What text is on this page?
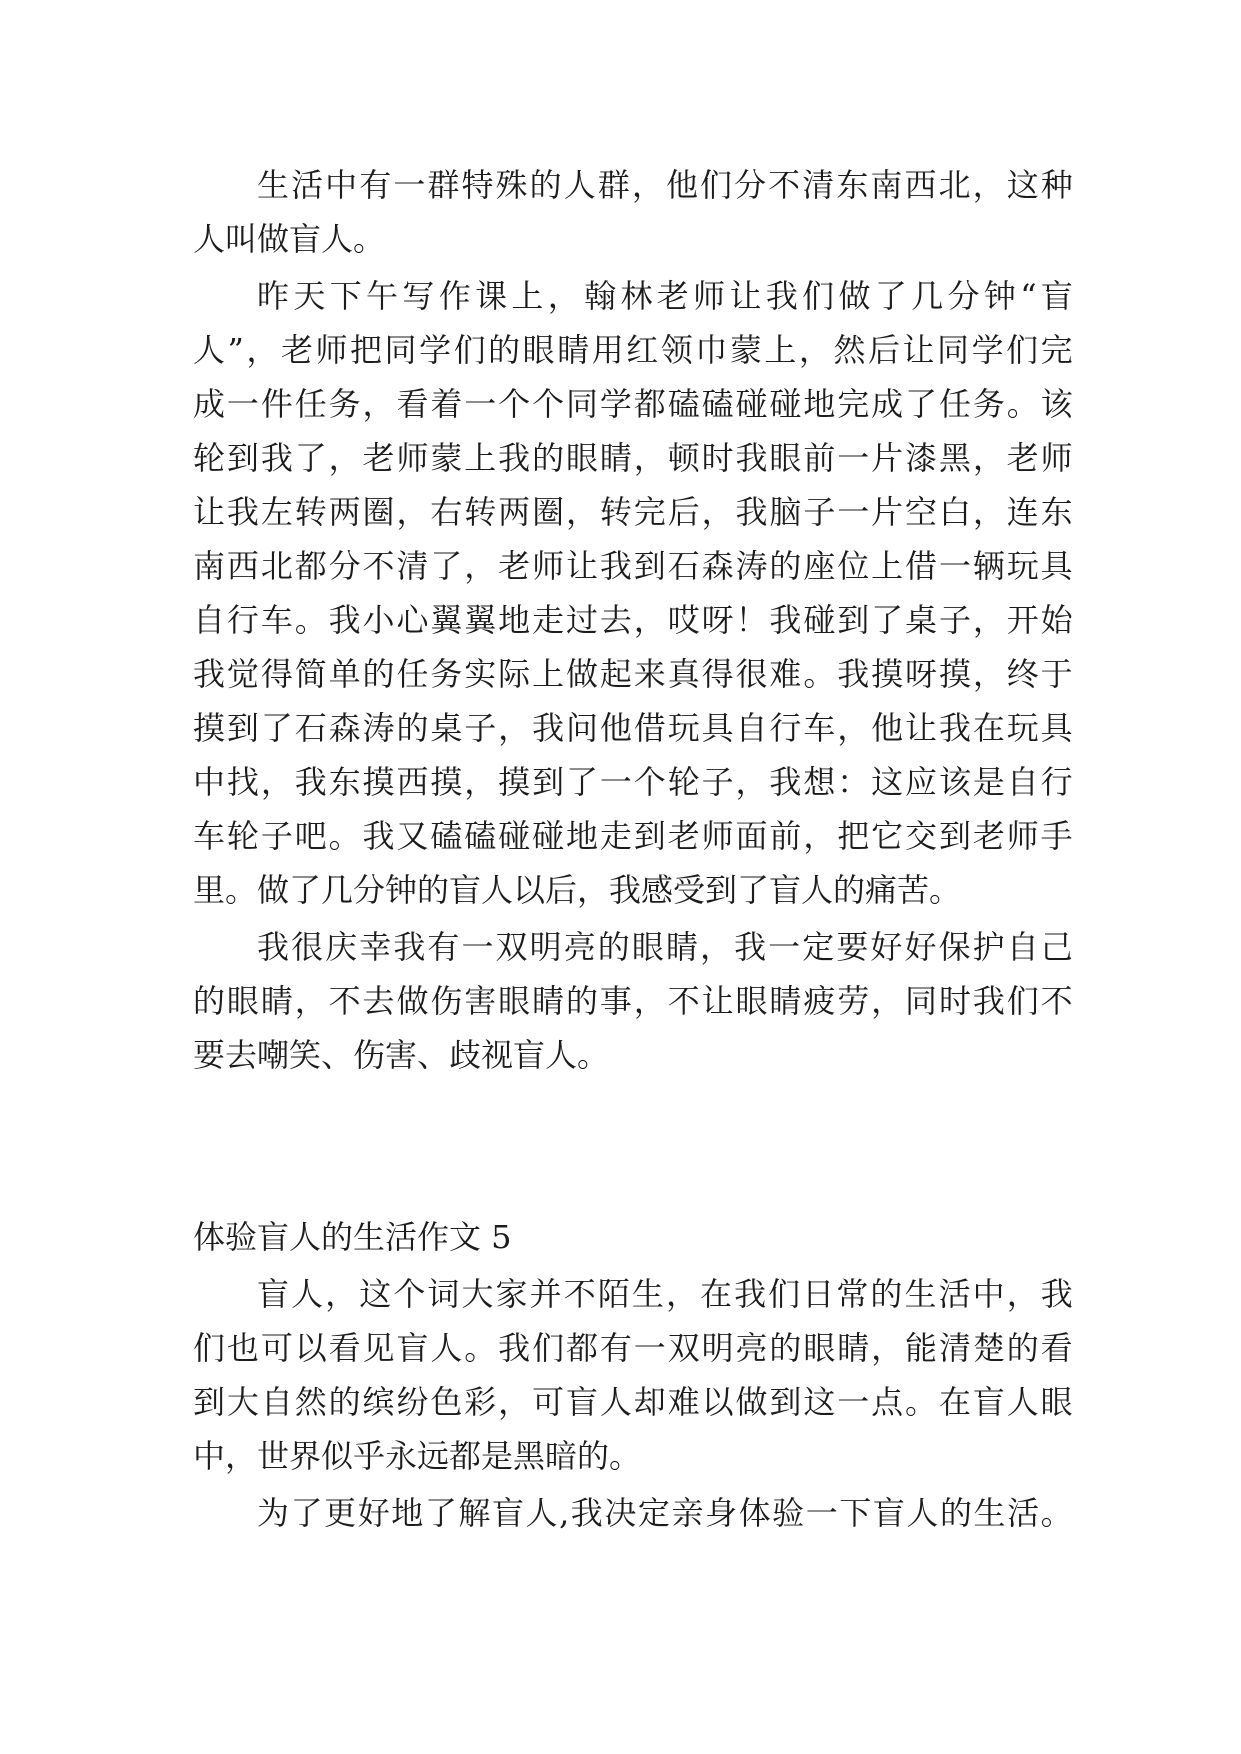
生 活 中 有 一 群 特 殊 的 人 群 ， 他 们 分 不 清 东 南 西 北 ， 这 种
人叫做盲人。
昨 天 下 午 写 作 课 上 ， 翰 林 老 师 让 我 们 做 了 几 分 钟 “ 盲
人 ” ， 老 师 把 同 学 们 的 眼 睛 用 红 领 巾 蒙 上 ， 然 后 让 同 学 们 完
成 一 件 任 务 ， 看 着 一 个 个 同 学 都 磕 磕 碰 碰 地 完 成 了 任 务 。 该
轮 到 我 了 ， 老 师 蒙 上 我 的 眼 睛 ， 顿 时 我 眼 前 一 片 漆 黑 ， 老 师
让 我 左 转 两 圈 ， 右 转 两 圈 ， 转 完 后 ， 我 脑 子 一 片 空 白 ， 连 东
南 西 北 都 分 不 清 了 ， 老 师 让 我 到 石 森 涛 的 座 位 上 借 一 辆 玩 具
自 行 车 。 我 小 心 翼 翼 地 走 过 去 ， 哎 呀 ！ 我 碰 到 了 桌 子 ， 开 始
我 觉 得 简 单 的 任 务 实 际 上 做 起 来 真 得 很 难 。 我 摸 呀 摸 ， 终 于
摸 到 了 石 森 涛 的 桌 子 ， 我 问 他 借 玩 具 自 行 车 ， 他 让 我 在 玩 具
中 找 ， 我 东 摸 西 摸 ， 摸 到 了 一 个 轮 子 ， 我 想 ： 这 应 该 是 自 行
车 轮 子 吧 。 我 又 磕 磕 碰 碰 地 走 到 老 师 面 前 ， 把 它 交 到 老 师 手
里。做了几分钟的盲人以后，我感受到了盲人的痛苦。
我 很 庆 幸 我 有 一 双 明 亮 的 眼 睛 ， 我 一 定 要 好 好 保 护 自 己
的 眼 睛 ， 不 去 做 伤 害 眼 睛 的 事 ， 不 让 眼 睛 疲 劳 ， 同 时 我 们 不
要去嘲笑、伤害、歧视盲人。
体验盲人的生活作文 5
盲 人 ， 这 个 词 大 家 并 不 陌 生 ， 在 我 们 日 常 的 生 活 中 ， 我
们 也 可 以 看 见 盲 人 。 我 们 都 有 一 双 明 亮 的 眼 睛 ， 能 清 楚 的 看
到 大 自 然 的 缤 纷 色 彩 ， 可 盲 人 却 难 以 做 到 这 一 点 。 在 盲 人 眼
中，世界似乎永远都是黑暗的。
为 了 更 好 地 了 解 盲 人 , 我 决 定 亲 身 体 验 一 下 盲 人 的 生 活 。
